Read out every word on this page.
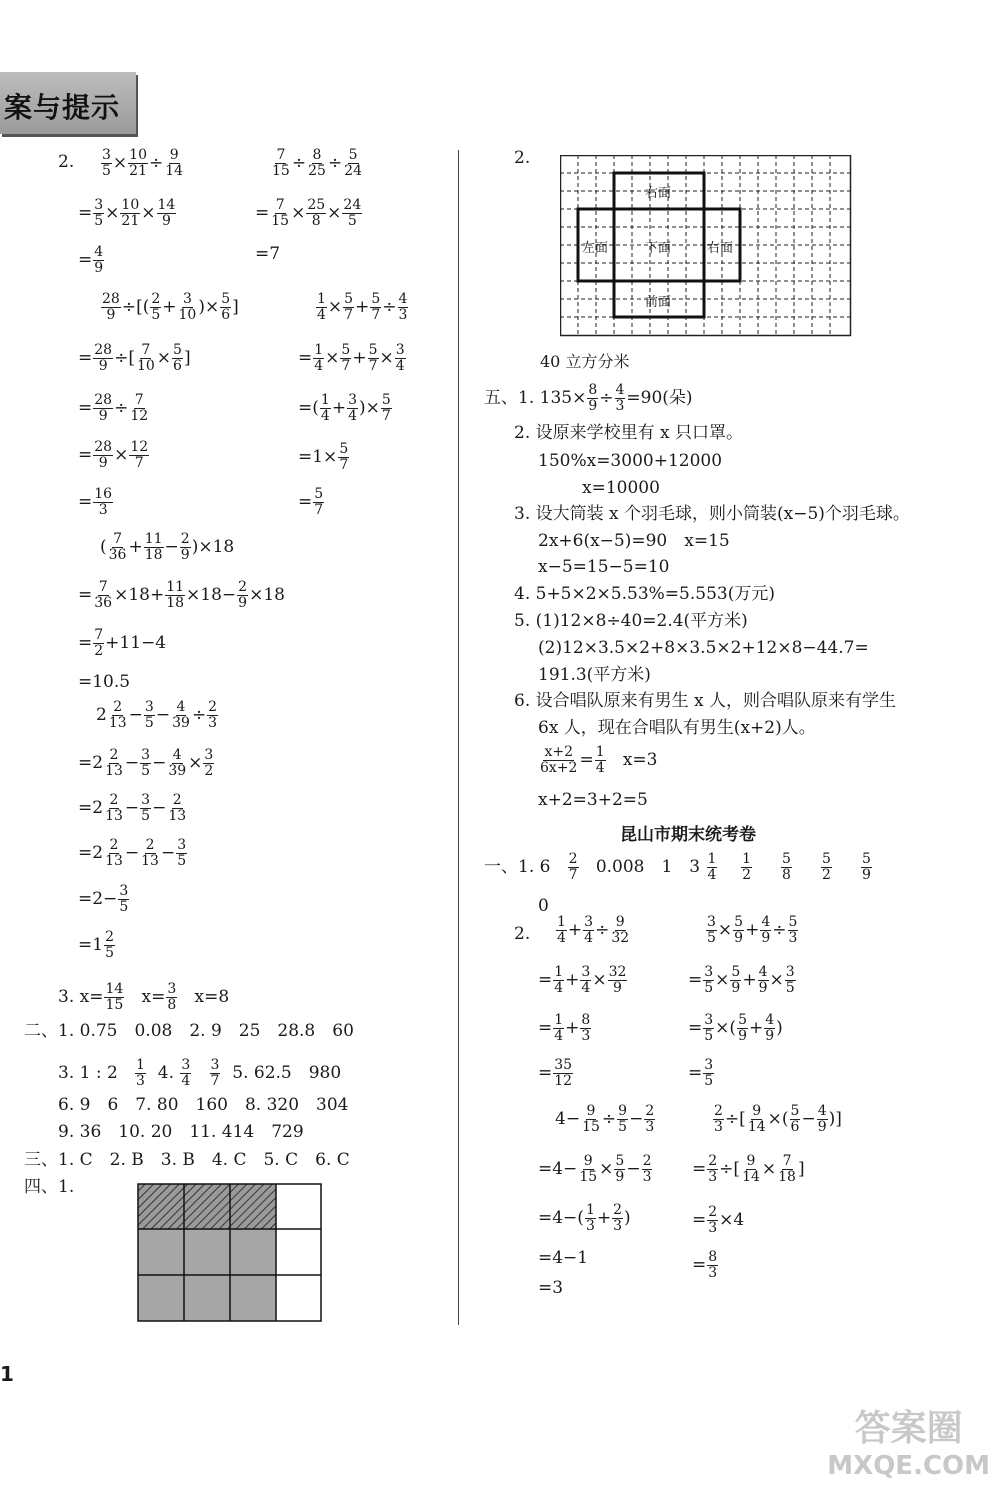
案与提示
2. $\frac{3}{5} \times \frac{10}{21} \div \frac{9}{14}$
= $\frac{3}{5} \times \frac{10}{21} \times \frac{14}{9}$
= $\frac{4}{9}$
$\frac{7}{15} \div \frac{8}{25} \div \frac{5}{24}$
= $\frac{7}{15} \times \frac{25}{8} \times \frac{24}{5}$
=7
$\frac{28}{9}$ ÷[( $\frac{2}{5} + \frac{3}{10}$ )× $\frac{5}{6}$ ]
= $\frac{28}{9}$ ÷[ $\frac{7}{10} \times \frac{5}{6}$ ]
= $\frac{28}{9} \div \frac{7}{12}$
= $\frac{28}{9} \times \frac{12}{7}$
= $\frac{16}{3}$
$\frac{1}{4} \times \frac{5}{7} + \frac{5}{7} \div \frac{4}{3}$
= $\frac{1}{4} \times \frac{5}{7} + \frac{5}{7} \times \frac{3}{4}$
=( $\frac{1}{4} + \frac{3}{4}$ )× $\frac{5}{7}$
$=1\times \frac{5}{7}$
= $\frac{5}{7}$
( $\frac{7}{36} + \frac{11}{18} - \frac{2}{9} )\times 18$
= $\frac{7}{36} \times 18+ \frac{11}{18} \times 18- \frac{2}{9} \times 18$
= $\frac{7}{2} +11-4$
=10.5
$2 \frac{2}{13} - \frac{3}{5} - \frac{4}{39} \div \frac{2}{3}$
$=2 \frac{2}{13} - \frac{3}{5} - \frac{4}{39} \times \frac{3}{2}$
$=2 \frac{2}{13} - \frac{3}{5} - \frac{2}{13}$
$=2 \frac{2}{13} - \frac{2}{13} - \frac{3}{5}$
$=2- \frac{3}{5}$
$=1 \frac{2}{5}$
3. $x= \frac{14}{15} x= \frac{3}{8} x=8$
二、1. 0.75　0.08　2. 9　25　28.8　60
3. 1 : $2 \frac{1}{3} 4$. $\frac{3}{4}$
$\frac{3}{7} 5$. 62.5　980
6. 9　6　7. 80　160　8. 320　304
9. 36　10. 20　11. 414　729
三、1. C　2. B　3. B　4. C　5. C　6. C
四、1.
1
2.
右面
左面	下面	右面
前面
40 立方分米
五、1. $135\times \frac{8}{9} \div \frac{4}{3} =90$(朵)
2. 设原来学校里有 x 只口罩。
150%x=3000+12000
x=10000
3. 设大筒装 x 个羽毛球，则小筒装(x−5)个羽毛球。
2x+6(x−5)=90　x=15
x−5=15−5=10
4. 5+5×2×5.53%=5.553(万元)
5. (1)12×8÷40=2.4(平方米)
(2)12×3.5×2+8×3.5×2+12×8−44.7=
191.3(平方米)
6. 设合唱队原来有男生 x 人，则合唱队原来有学生
6x 人，现在合唱队有男生(x+2)人。
$\frac{x+2}{6x+2} = \frac{1}{4} x=3$
x+2=3+2=5
昆山市期末统考卷
一、1. $6 \frac{2}{7} 0.008$　1　$3 \frac{1}{4}$
$\frac{1}{2}$
$\frac{5}{8}$
$\frac{5}{2}$
$\frac{5}{9}$
0
2. $\frac{1}{4} + \frac{3}{4} \div \frac{9}{32}$
= $\frac{1}{4} + \frac{3}{4} \times \frac{32}{9}$
= $\frac{1}{4} + \frac{8}{3}$
= $\frac{35}{12}$
$\frac{3}{5} \times \frac{5}{9} + \frac{4}{9} \div \frac{5}{3}$
= $\frac{3}{5} \times \frac{5}{9} + \frac{4}{9} \times \frac{3}{5}$
= $\frac{3}{5}$ ×( $\frac{5}{9} + \frac{4}{9}$ )
= $\frac{3}{5}$
$4- \frac{9}{15} \div \frac{9}{5} - \frac{2}{3}$
$=4- \frac{9}{15} \times \frac{5}{9} - \frac{2}{3}$
$=4-( \frac{1}{3} + \frac{2}{3}$ )
=4−1
=3
$\frac{2}{3}$ ÷[ $\frac{9}{14}$ ×( $\frac{5}{6} - \frac{4}{9}$ )]
= $\frac{2}{3}$ ÷[ $\frac{9}{14} \times \frac{7}{18}$ ]
= $\frac{2}{3} \times 4$
= $\frac{8}{3}$
答案圈
MXQE.COM
